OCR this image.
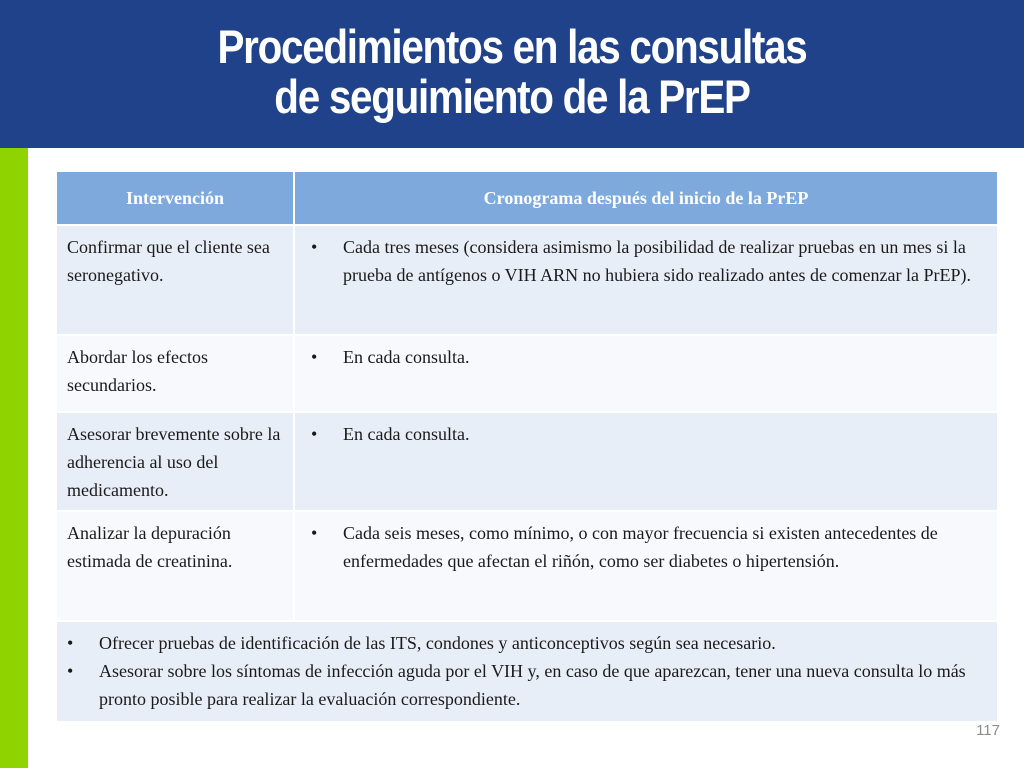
Procedimientos en las consultas
de seguimiento de la PrEP
Intervención	Cronograma después del inicio de la PrEP
Confirmar que el cliente sea seronegativo.	• Cada tres meses (considera asimismo la posibilidad de realizar pruebas en un mes si la prueba de antígenos o VIH ARN no hubiera sido realizado antes de comenzar la PrEP).

Abordar los efectos secundarios.	• En cada consulta.

Asesorar brevemente sobre la adherencia al uso del medicamento.	• En cada consulta.

Analizar la depuración estimada de creatinina.	• Cada seis meses, como mínimo, o con mayor frecuencia si existen antecedentes de enfermedades que afectan el riñón, como ser diabetes o hipertensión.

• Ofrecer pruebas de identificación de las ITS, condones y anticonceptivos según sea necesario.
• Asesorar sobre los síntomas de infección aguda por el VIH y, en caso de que aparezcan, tener una nueva consulta lo más pronto posible para realizar la evaluación correspondiente.	
117
